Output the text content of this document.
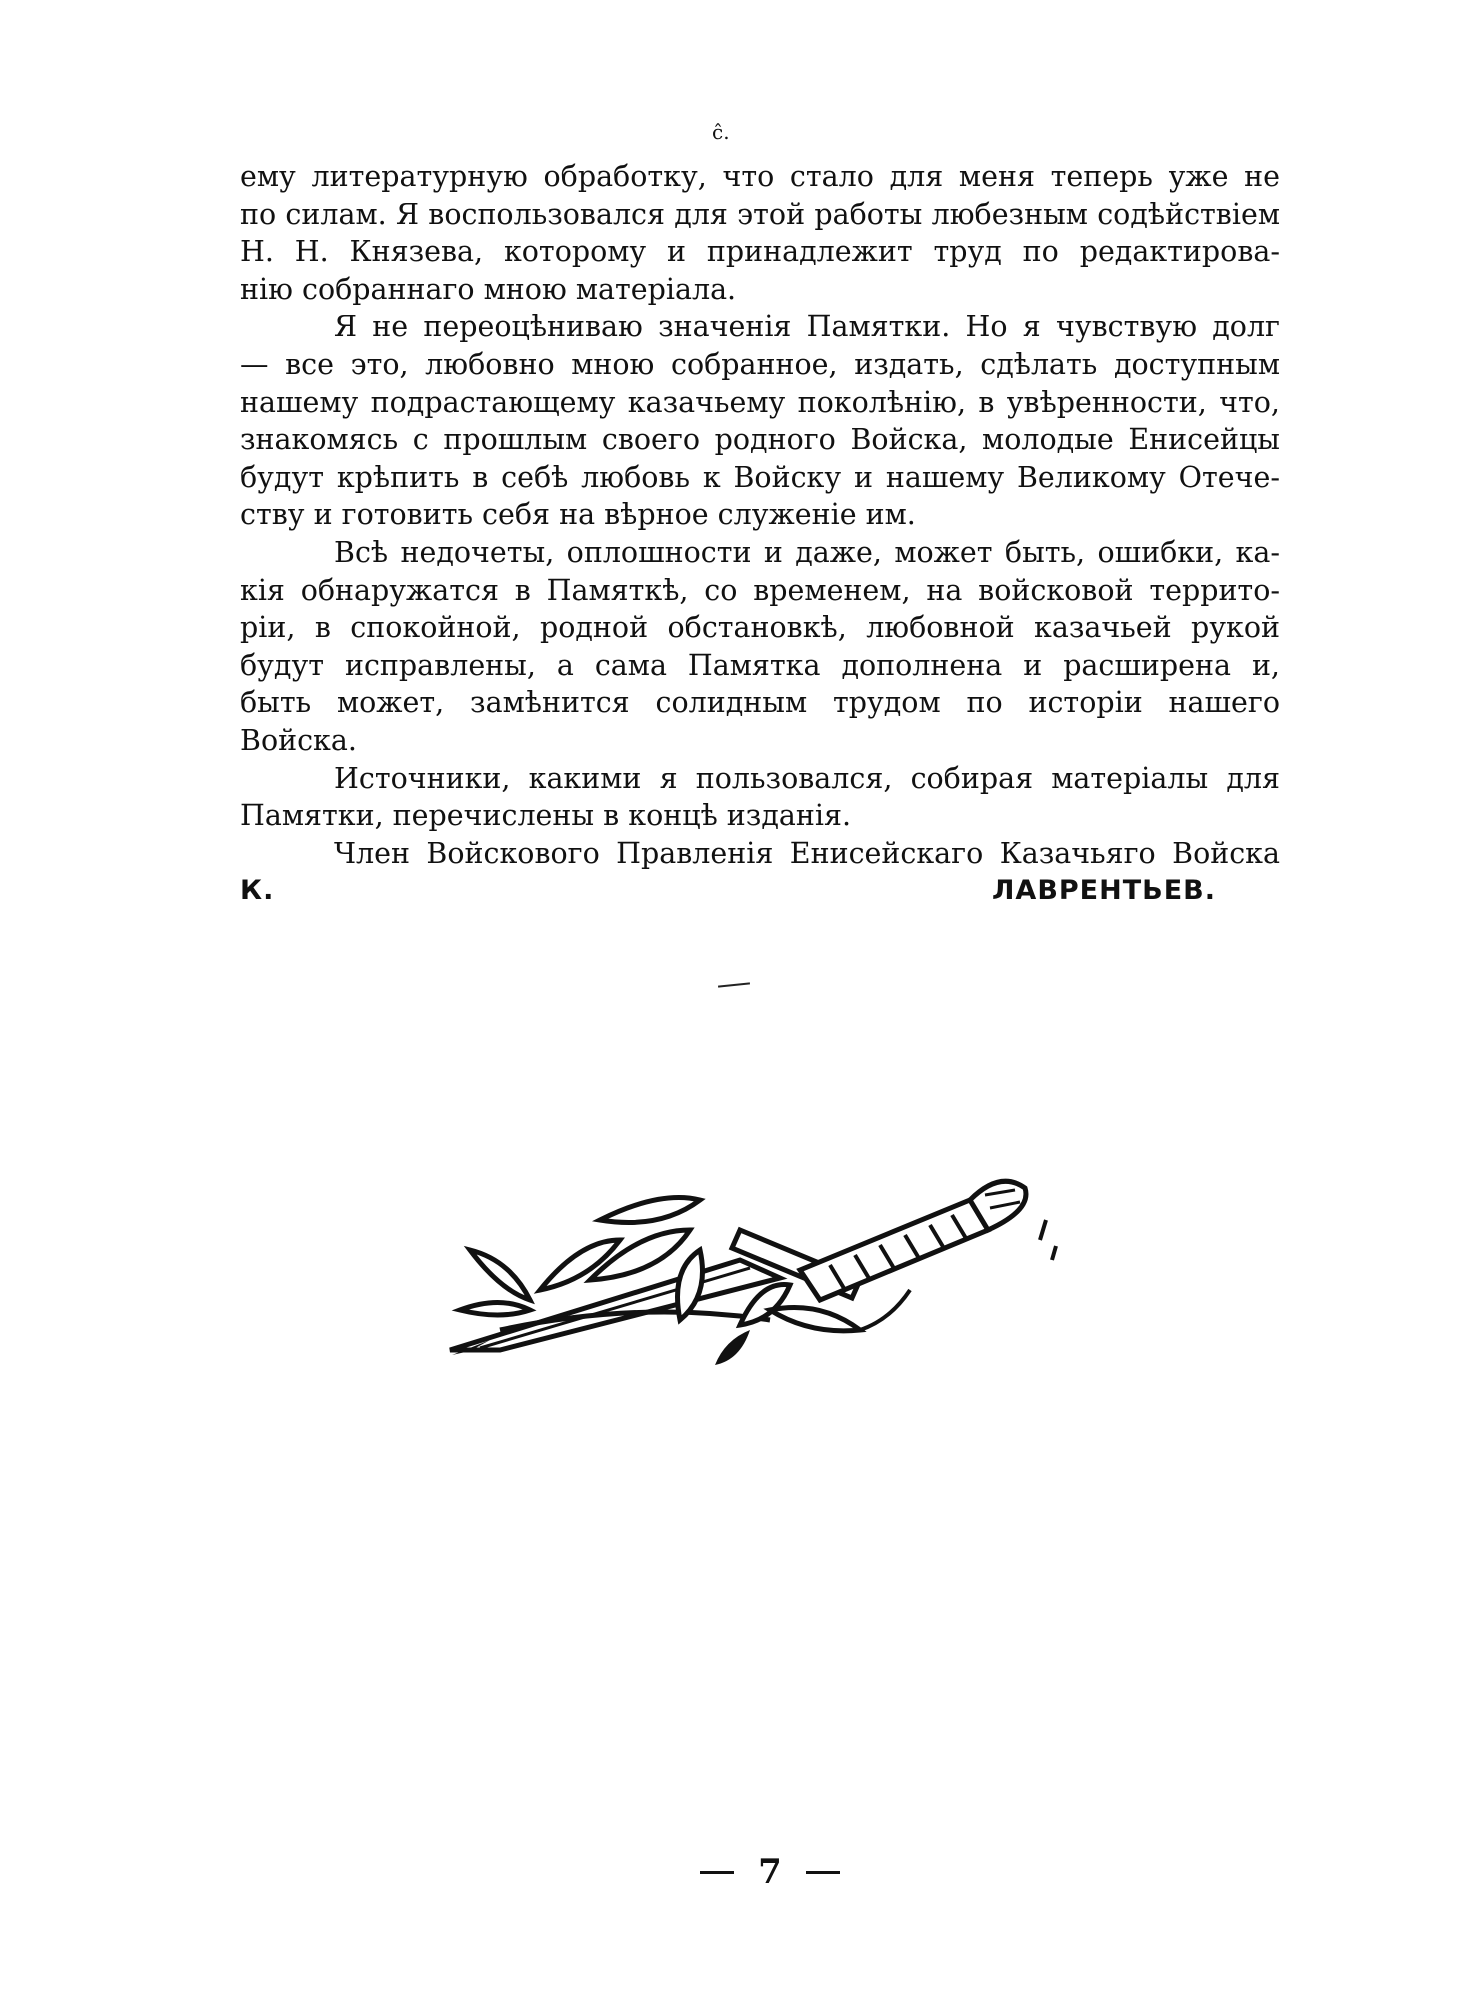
ĉ.
ему литературную обработку, что стало для меня теперь уже не
по силам. Я воспользовался для этой работы любезным содѣйствіем
Н. Н. Князева, которому и принадлежит труд по редактирова-
нію собраннаго мною матеріала.
Я не переоцѣниваю значенія Памятки. Но я чувствую долг
— все это, любовно мною собранное, издать, сдѣлать доступным
нашему подрастающему казачьему поколѣнію, в увѣренности, что,
знакомясь с прошлым своего родного Войска, молодые Енисейцы
будут крѣпить в себѣ любовь к Войску и нашему Великому Отече-
ству и готовить себя на вѣрное служеніе им.
Всѣ недочеты, оплошности и даже, может быть, ошибки, ка-
кія обнаружатся в Памяткѣ, со временем, на войсковой террито-
ріи, в спокойной, родной обстановкѣ, любовной казачьей рукой
будут исправлены, а сама Памятка дополнена и расширена и,
быть может, замѣнится солидным трудом по исторіи нашего
Войска.
Источники, какими я пользовался, собирая матеріалы для
Памятки, перечислены в концѣ изданія.
Член Войскового Правленія Енисейскаго Казачьяго Войска
К. ЛАВРЕНТЬЕВ.
7
